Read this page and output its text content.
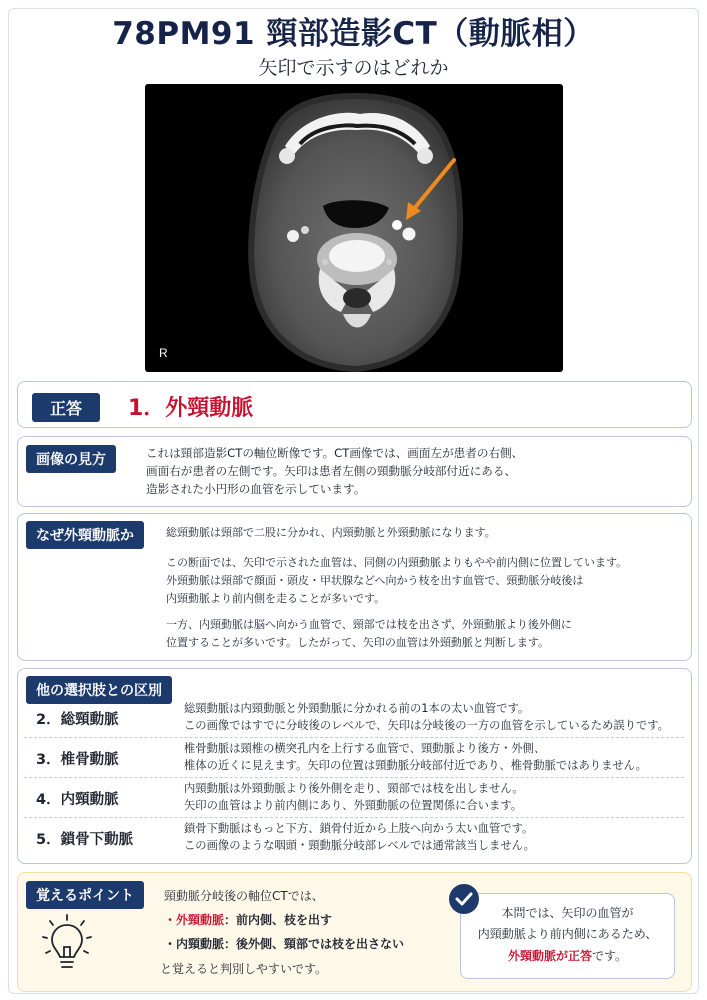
78PM91 頸部造影CT（動脈相）
矢印で示すのはどれか
R
正答	1．外頸動脈
画像の見方	これは頸部造影CTの軸位断像です。CT画像では、画面左が患者の右側、
画面右が患者の左側です。矢印は患者左側の頸動脈分岐部付近にある、
造影された小円形の血管を示しています。
なぜ外頸動脈か	総頸動脈は頸部で二股に分かれ、内頸動脈と外頸動脈になります。
この断面では、矢印で示された血管は、同側の内頸動脈よりもやや前内側に位置しています。
外頸動脈は頸部で顔面・頭皮・甲状腺などへ向かう枝を出す血管で、頸動脈分岐後は
内頸動脈より前内側を走ることが多いです。
一方、内頸動脈は脳へ向かう血管で、頸部では枝を出さず、外頸動脈より後外側に
位置することが多いです。したがって、矢印の血管は外頸動脈と判断します。
他の選択肢との区別
2．総頸動脈
総頸動脈は内頸動脈と外頸動脈に分かれる前の1本の太い血管です。
この画像ではすでに分岐後のレベルで、矢印は分岐後の一方の血管を示しているため誤りです。
3．椎骨動脈
椎骨動脈は頸椎の横突孔内を上行する血管で、頸動脈より後方・外側、
椎体の近くに見えます。矢印の位置は頸動脈分岐部付近であり、椎骨動脈ではありません。
4．内頸動脈
内頸動脈は外頸動脈より後外側を走り、頸部では枝を出しません。
矢印の血管はより前内側にあり、外頸動脈の位置関係に合います。
5．鎖骨下動脈
鎖骨下動脈はもっと下方、鎖骨付近から上肢へ向かう太い血管です。
この画像のような咽頭・頸動脈分岐部レベルでは通常該当しません。
覚えるポイント	頸動脈分岐後の軸位CTでは、
・外頸動脈：前内側、枝を出す
・内頸動脈：後外側、頸部では枝を出さない
と覚えると判別しやすいです。
本問では、矢印の血管が
内頸動脈より前内側にあるため、
外頸動脈が正答です。
